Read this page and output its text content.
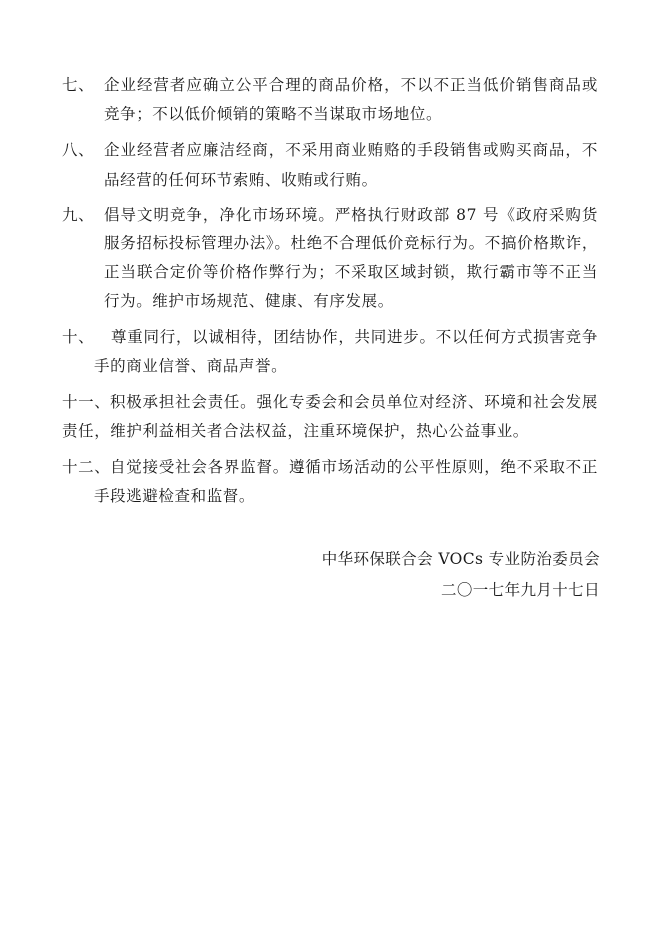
七、 企业经营者应确立公平合理的商品价格，不以不正当低价销售商品或
竞争；不以低价倾销的策略不当谋取市场地位。
八、 企业经营者应廉洁经商，不采用商业贿赂的手段销售或购买商品，不
品经营的任何环节索贿、收贿或行贿。
九、 倡导文明竞争，净化市场环境。严格执行财政部 87 号《政府采购货
服务招标投标管理办法》。杜绝不合理低价竞标行为。不搞价格欺诈，
正当联合定价等价格作弊行为；不采取区域封锁，欺行霸市等不正当
行为。维护市场规范、健康、有序发展。
十、 尊重同行，以诚相待，团结协作，共同进步。不以任何方式损害竞争
手的商业信誉、商品声誉。
十一、 积极承担社会责任。强化专委会和会员单位对经济、环境和社会发展
责任，维护利益相关者合法权益，注重环境保护，热心公益事业。
十二、 自觉接受社会各界监督。遵循市场活动的公平性原则，绝不采取不正
手段逃避检查和监督。
中华环保联合会 VOCs 专业防治委员会
二〇一七年九月十七日
